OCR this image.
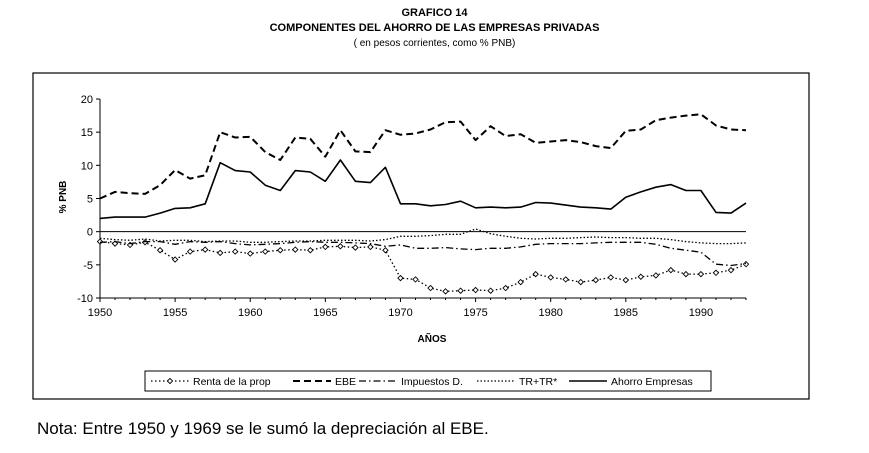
GRAFICO 14
COMPONENTES DEL AHORRO DE LAS EMPRESAS PRIVADAS
( en pesos corrientes, como % PNB)
-10
-5
0
5
10
15
20
1950	1955	1960	1965	1970	1975	1980	1985	1990
AÑOS
% PNB
Renta de la prop	EBE	Impuestos D.	TR+TR*	Ahorro Empresas
Nota: Entre 1950 y 1969 se le sumó la depreciación al EBE.
